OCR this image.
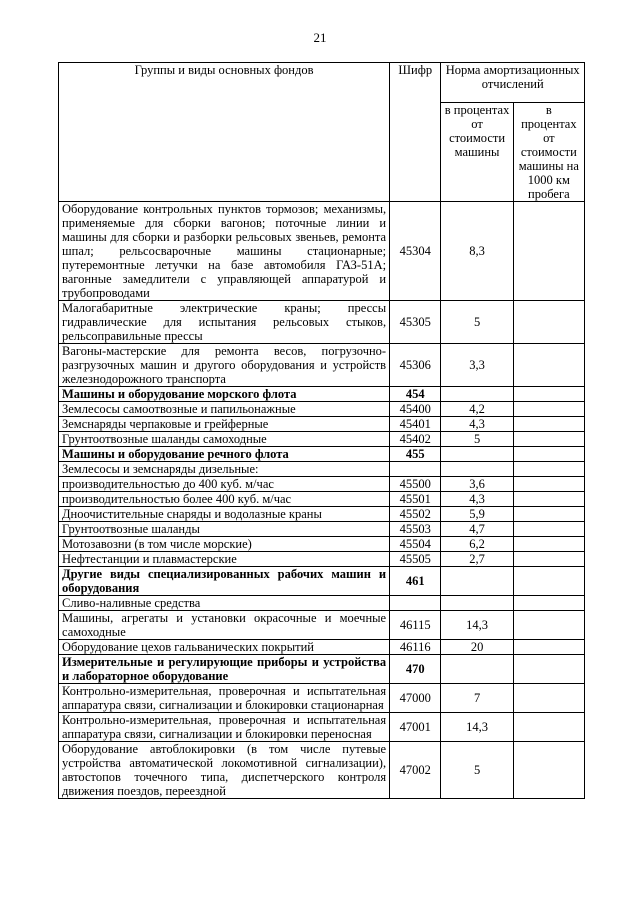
21
Группы и виды основных фондов	Шифр	Норма амортизационных отчислений	
		в процентах от стоимости машины	в процентах от стоимости машины на 1000 км пробега
Оборудование контрольных пунктов тормозов; механизмы, применяемые для сборки вагонов; поточные линии и машины для сборки и разборки рельсовых звеньев, ремонта шпал; рельсосварочные машины стационарные; путеремонтные летучки на базе автомобиля ГАЗ-51А; вагонные замедлители с управляющей аппаратурой и трубопроводами	45304	8,3	
Малогабаритные электрические краны; прессы гидравлические для испытания рельсовых стыков, рельсоправильные прессы	45305	5	
Вагоны-мастерские для ремонта весов, погрузочно-разгрузочных машин и другого оборудования и устройств железнодорожного транспорта	45306	3,3	
Машины и оборудование морского флота	454		
Землесосы самоотвозные и папильонажные	45400	4,2	
Земснаряды черпаковые и грейферные	45401	4,3	
Грунтоотвозные шаланды самоходные	45402	5	
Машины и оборудование речного флота	455		
Землесосы и земснаряды дизельные:			
производительностью до 400 куб. м/час	45500	3,6	
производительностью более 400 куб. м/час	45501	4,3	
Дноочистительные снаряды и водолазные краны	45502	5,9	
Грунтоотвозные шаланды	45503	4,7	
Мотозавозни (в том числе морские)	45504	6,2	
Нефтестанции и плавмастерские	45505	2,7	
Другие виды специализированных рабочих машин и оборудования	461		
Сливо-наливные средства			
Машины, агрегаты и установки окрасочные и моечные самоходные	46115	14,3	
Оборудование цехов гальванических покрытий	46116	20	
Измерительные и регулирующие приборы и устройства и лабораторное оборудование	470		
Контрольно-измерительная, проверочная и испытательная аппаратура связи, сигнализации и блокировки стационарная	47000	7	
Контрольно-измерительная, проверочная и испытательная аппаратура связи, сигнализации и блокировки переносная	47001	14,3	
Оборудование автоблокировки (в том числе путевые устройства автоматической локомотивной сигнализации), автостопов точечного типа, диспетчерского контроля движения поездов, переездной	47002	5	
